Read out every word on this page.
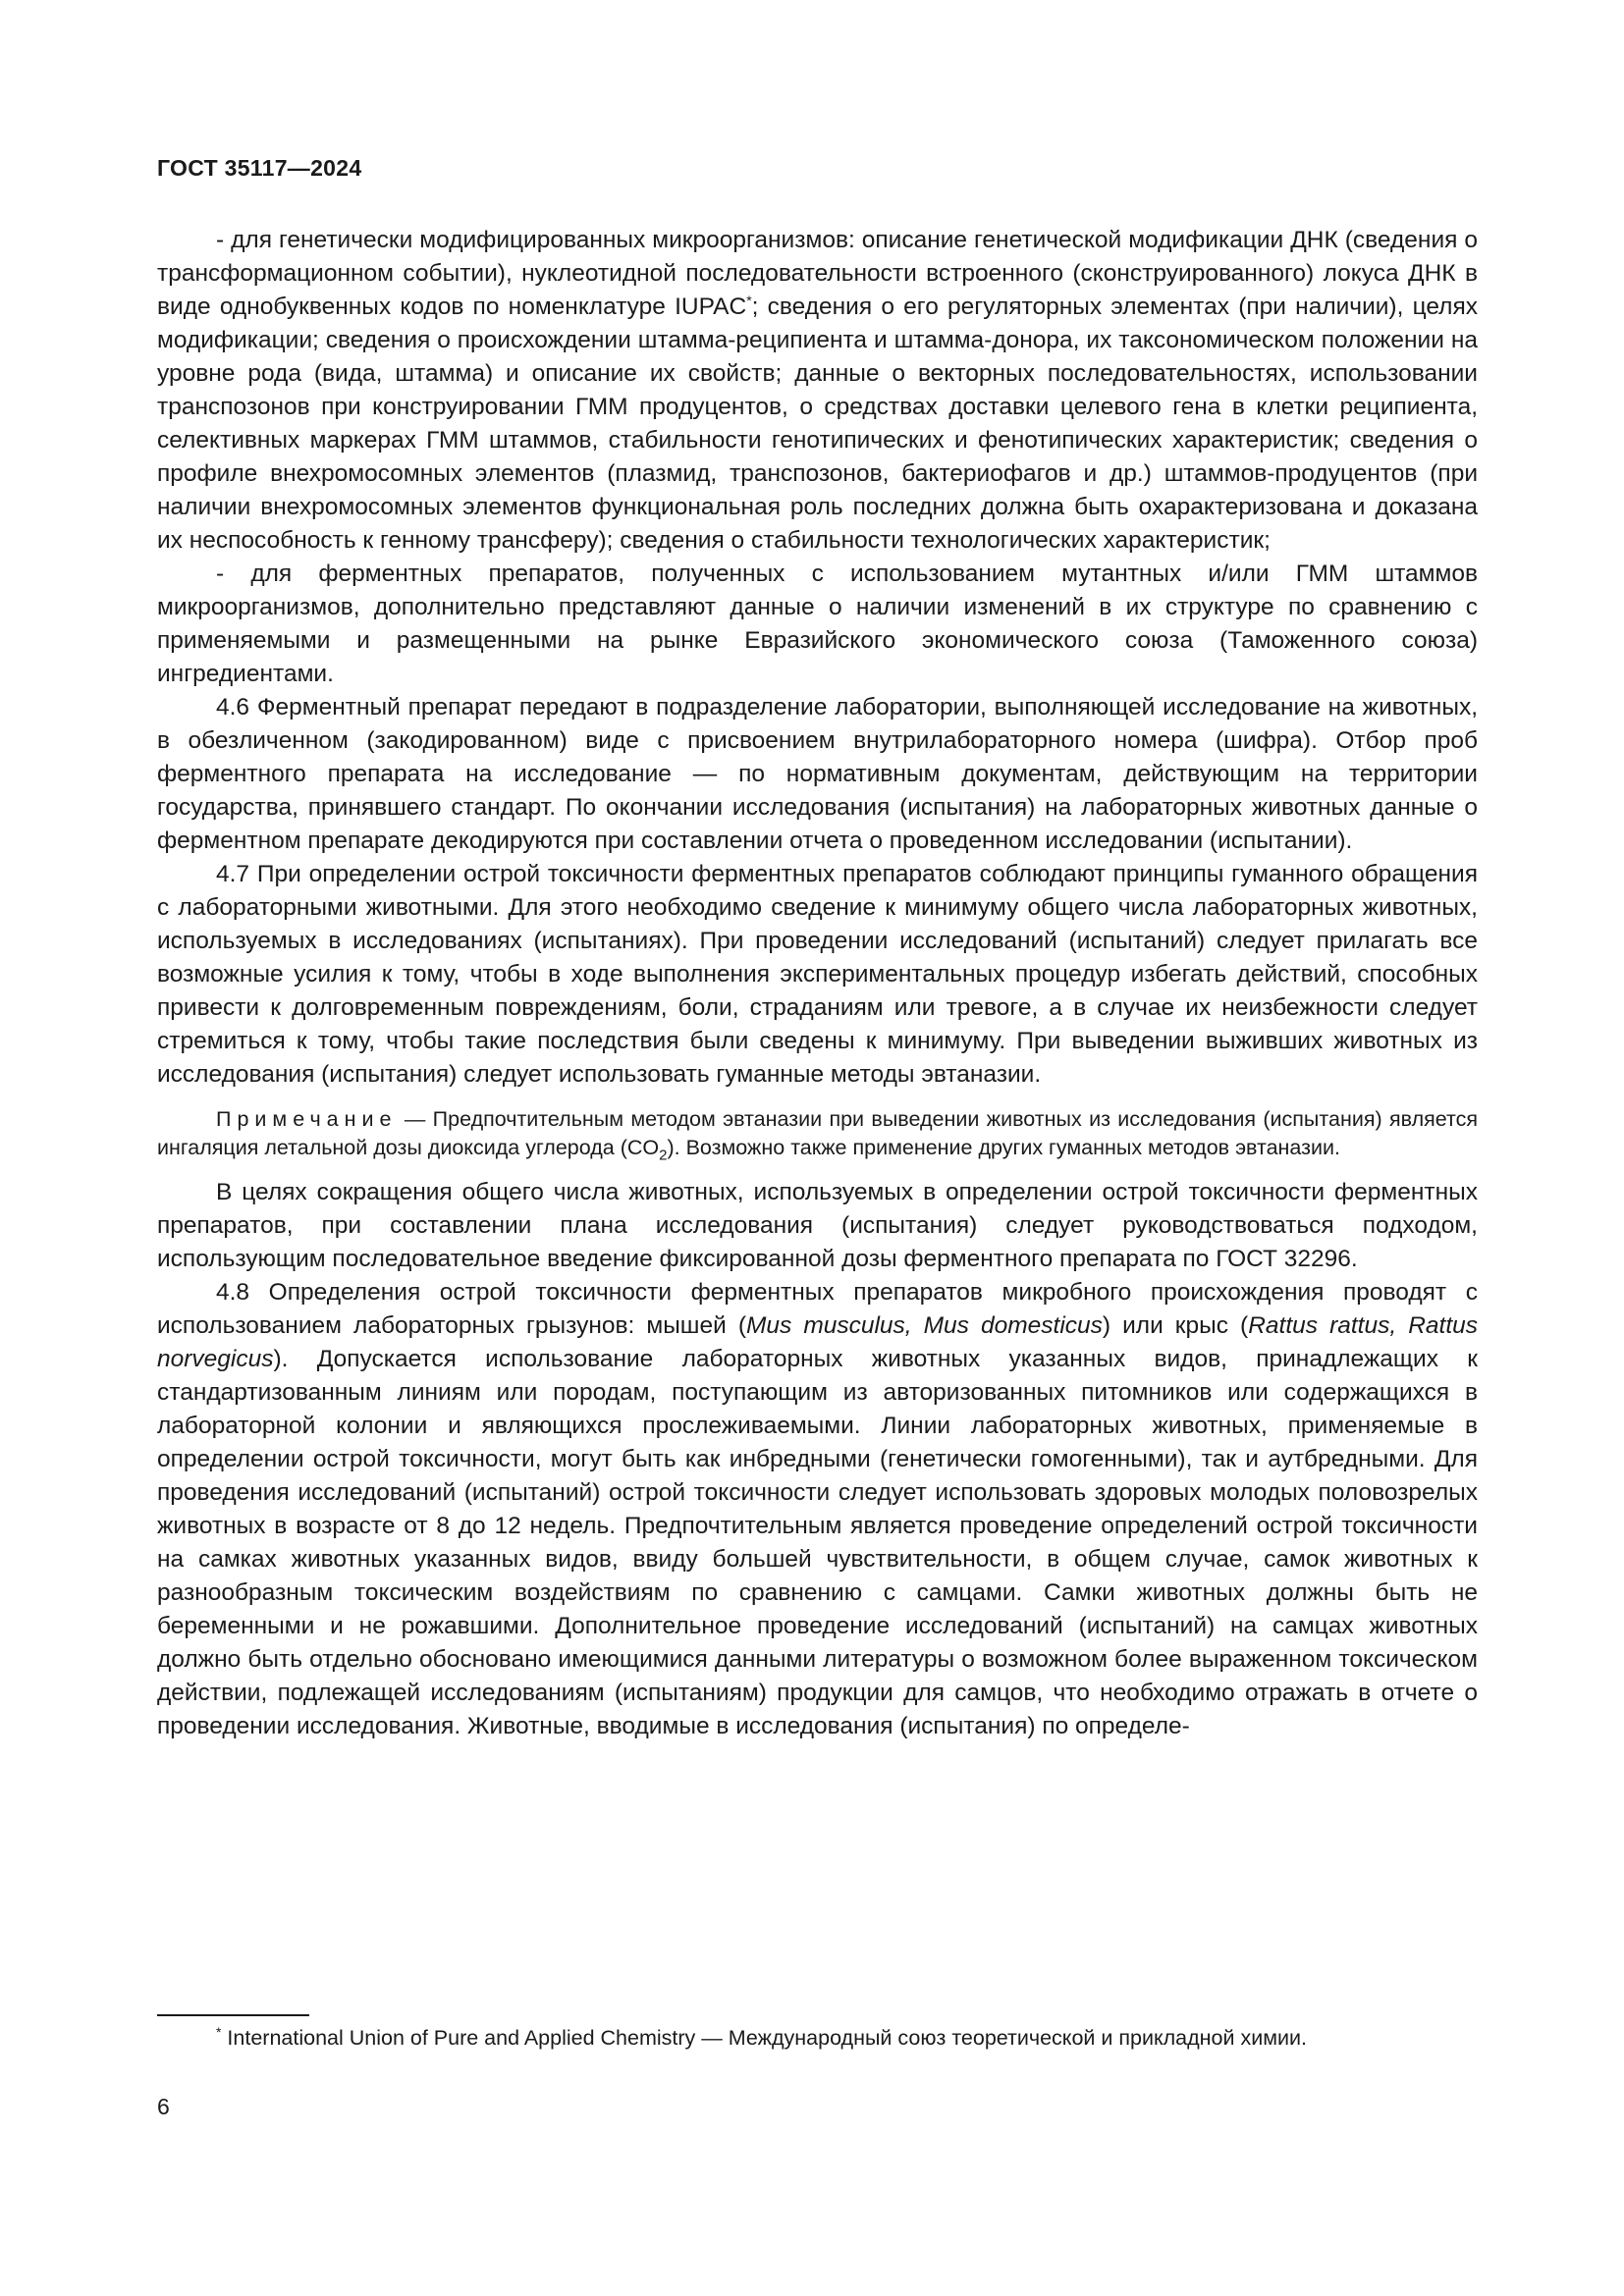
ГОСТ 35117—2024

- для генетически модифицированных микроорганизмов: описание генетической модификации ДНК (сведения о трансформационном событии), нуклеотидной последовательности встроенного (сконструированного) локуса ДНК в виде однобуквенных кодов по номенклатуре IUPAC*; сведения о его регуляторных элементах (при наличии), целях модификации; сведения о происхождении штамма-реципиента и штамма-донора, их таксономическом положении на уровне рода (вида, штамма) и описание их свойств; данные о векторных последовательностях, использовании транспозонов при конструировании ГММ продуцентов, о средствах доставки целевого гена в клетки реципиента, селективных маркерах ГММ штаммов, стабильности генотипических и фенотипических характеристик; сведения о профиле внехромосомных элементов (плазмид, транспозонов, бактериофагов и др.) штаммов-продуцентов (при наличии внехромосомных элементов функциональная роль последних должна быть охарактеризована и доказана их неспособность к генному трансферу); сведения о стабильности технологических характеристик;

- для ферментных препаратов, полученных с использованием мутантных и/или ГММ штаммов микроорганизмов, дополнительно представляют данные о наличии изменений в их структуре по сравнению с применяемыми и размещенными на рынке Евразийского экономического союза (Таможенного союза) ингредиентами.

4.6 Ферментный препарат передают в подразделение лаборатории, выполняющей исследование на животных, в обезличенном (закодированном) виде с присвоением внутрилабораторного номера (шифра). Отбор проб ферментного препарата на исследование — по нормативным документам, действующим на территории государства, принявшего стандарт. По окончании исследования (испытания) на лабораторных животных данные о ферментном препарате декодируются при составлении отчета о проведенном исследовании (испытании).

4.7 При определении острой токсичности ферментных препаратов соблюдают принципы гуманного обращения с лабораторными животными. Для этого необходимо сведение к минимуму общего числа лабораторных животных, используемых в исследованиях (испытаниях). При проведении исследований (испытаний) следует прилагать все возможные усилия к тому, чтобы в ходе выполнения экспериментальных процедур избегать действий, способных привести к долговременным повреждениям, боли, страданиям или тревоге, а в случае их неизбежности следует стремиться к тому, чтобы такие последствия были сведены к минимуму. При выведении выживших животных из исследования (испытания) следует использовать гуманные методы эвтаназии.

Примечание — Предпочтительным методом эвтаназии при выведении животных из исследования (испытания) является ингаляция летальной дозы диоксида углерода $(CO_2)$. Возможно также применение других гуманных методов эвтаназии.

В целях сокращения общего числа животных, используемых в определении острой токсичности ферментных препаратов, при составлении плана исследования (испытания) следует руководствоваться подходом, использующим последовательное введение фиксированной дозы ферментного препарата по ГОСТ 32296.

4.8 Определения острой токсичности ферментных препаратов микробного происхождения проводят с использованием лабораторных грызунов: мышей (Mus musculus, Mus domesticus) или крыс (Rattus rattus, Rattus norvegicus). Допускается использование лабораторных животных указанных видов, принадлежащих к стандартизованным линиям или породам, поступающим из авторизованных питомников или содержащихся в лабораторной колонии и являющихся прослеживаемыми. Линии лабораторных животных, применяемые в определении острой токсичности, могут быть как инбредными (генетически гомогенными), так и аутбредными. Для проведения исследований (испытаний) острой токсичности следует использовать здоровых молодых половозрелых животных в возрасте от 8 до 12 недель. Предпочтительным является проведение определений острой токсичности на самках животных указанных видов, ввиду большей чувствительности, в общем случае, самок животных к разнообразным токсическим воздействиям по сравнению с самцами. Самки животных должны быть не беременными и не рожавшими. Дополнительное проведение исследований (испытаний) на самцах животных должно быть отдельно обосновано имеющимися данными литературы о возможном более выраженном токсическом действии, подлежащей исследованиям (испытаниям) продукции для самцов, что необходимо отражать в отчете о проведении исследования. Животные, вводимые в исследования (испытания) по определе-

* International Union of Pure and Applied Chemistry — Международный союз теоретической и прикладной химии.
6
